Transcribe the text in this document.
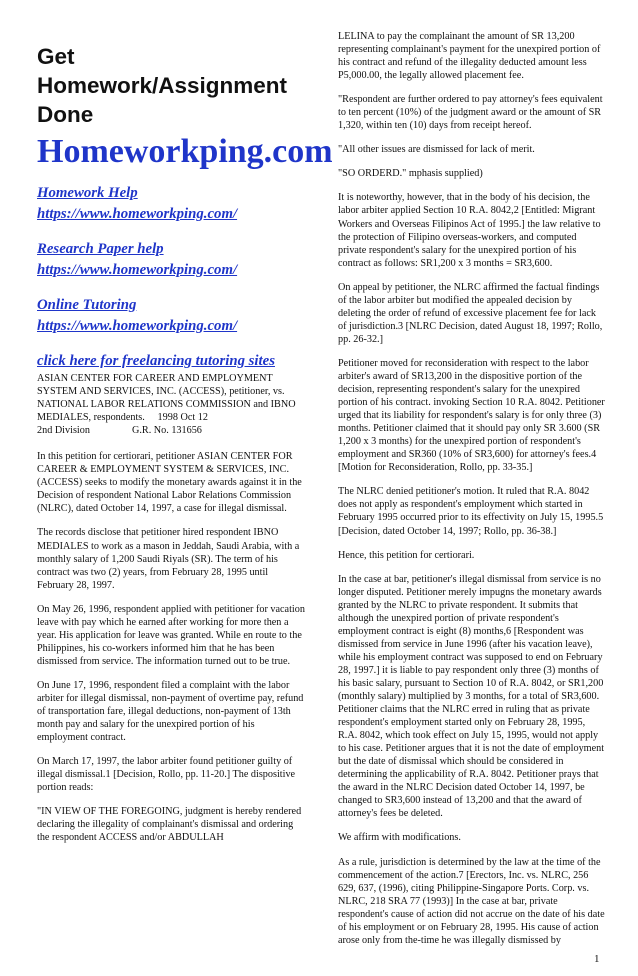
Get Homework/Assignment Done
Homeworkping.com
Homework Help
https://www.homeworkping.com/
Research Paper help
https://www.homeworkping.com/
Online Tutoring
https://www.homeworkping.com/
click here for freelancing tutoring sites
ASIAN CENTER FOR CAREER AND EMPLOYMENT SYSTEM AND SERVICES, INC. (ACCESS), petitioner, vs. NATIONAL LABOR RELATIONS COMMISSION and IBNO MEDIALES, respondents. 1998 Oct 12
2nd Division	G.R. No. 131656

In this petition for certiorari, petitioner ASIAN CENTER FOR CAREER & EMPLOYMENT SYSTEM & SERVICES, INC. (ACCESS) seeks to modify the monetary awards against it in the Decision of respondent National Labor Relations Commission (NLRC), dated October 14, 1997, a case for illegal dismissal.

The records disclose that petitioner hired respondent IBNO MEDIALES to work as a mason in Jeddah, Saudi Arabia, with a monthly salary of 1,200 Saudi Riyals (SR). The term of his contract was two (2) years, from February 28, 1995 until February 28, 1997.

On May 26, 1996, respondent applied with petitioner for vacation leave with pay which he earned after working for more then a year. His application for leave was granted. While en route to the Philippines, his co-workers informed him that he has been dismissed from service. The information turned out to be true.

On June 17, 1996, respondent filed a complaint with the labor arbiter for illegal dismissal, non-payment of overtime pay, refund of transportation fare, illegal deductions, non-payment of 13th month pay and salary for the unexpired portion of his employment contract.

On March 17, 1997, the labor arbiter found petitioner guilty of illegal dismissal.1 [Decision, Rollo, pp. 11-20.] The dispositive portion reads:

"IN VIEW OF THE FOREGOING, judgment is hereby rendered declaring the illegality of complainant's dismissal and ordering the respondent ACCESS and/or ABDULLAH

LELINA to pay the complainant the amount of SR 13,200 representing complainant's payment for the unexpired portion of his contract and refund of the illegality deducted amount less P5,000.00, the legally allowed placement fee.

"Respondent are further ordered to pay attorney's fees equivalent to ten percent (10%) of the judgment award or the amount of SR 1,320, within ten (10) days from receipt hereof.

"All other issues are dismissed for lack of merit.

"SO ORDERD." mphasis supplied)

It is noteworthy, however, that in the body of his decision, the labor arbiter applied Section 10 R.A. 8042,2 [Entitled: Migrant Workers and Overseas Filipinos Act of 1995.] the law relative to the protection of Filipino overseas-workers, and computed private respondent's salary for the unexpired portion of his contract as follows: SR1,200 x 3 months = SR3,600.

On appeal by petitioner, the NLRC affirmed the factual findings of the labor arbiter but modified the appealed decision by deleting the order of refund of excessive placement fee for lack of jurisdiction.3 [NLRC Decision, dated August 18, 1997; Rollo, pp. 26-32.]

Petitioner moved for reconsideration with respect to the labor arbiter's award of SR13,200 in the dispositive portion of the decision, representing respondent's salary for the unexpired portion of his contract. invoking Section 10 R.A. 8042. Petitioner urged that its liability for respondent's salary is for only three (3) months. Petitioner claimed that it should pay only SR 3.600 (SR 1,200 x 3 months) for the unexpired portion of respondent's employment and SR360 (10% of SR3,600) for attorney's fees.4 [Motion for Reconsideration, Rollo, pp. 33-35.]

The NLRC denied petitioner's motion. It ruled that R.A. 8042 does not apply as respondent's employment which started in February 1995 occurred prior to its effectivity on July 15, 1995.5 [Decision, dated October 14, 1997; Rollo, pp. 36-38.]

Hence, this petition for certiorari.

In the case at bar, petitioner's illegal dismissal from service is no longer disputed. Petitioner merely impugns the monetary awards granted by the NLRC to private respondent. It submits that although the unexpired portion of private respondent's employment contract is eight (8) months,6 [Respondent was dismissed from service in June 1996 (after his vacation leave), while his employment contract was supposed to end on February 28, 1997.] it is liable to pay respondent only three (3) months of his basic salary, pursuant to Section 10 of R.A. 8042, or SR1,200 (monthly salary) multiplied by 3 months, for a total of SR3,600. Petitioner claims that the NLRC erred in ruling that as private respondent's employment started only on February 28, 1995, R.A. 8042, which took effect on July 15, 1995, would not apply to his case. Petitioner argues that it is not the date of employment but the date of dismissal which should be considered in determining the applicability of R.A. 8042. Petitioner prays that the award in the NLRC Decision dated October 14, 1997, be changed to SR3,600 instead of 13,200 and that the award of attorney's fees be deleted.

We affirm with modifications.

As a rule, jurisdiction is determined by the law at the time of the commencement of the action.7 [Erectors, Inc. vs. NLRC, 256 629, 637, (1996), citing Philippine-Singapore Ports. Corp. vs. NLRC, 218 SRA 77 (1993)] In the case at bar, private respondent's cause of action did not accrue on the date of his date of his employment or on February 28, 1995. His cause of action arose only from the-time he was illegally dismissed by

1
